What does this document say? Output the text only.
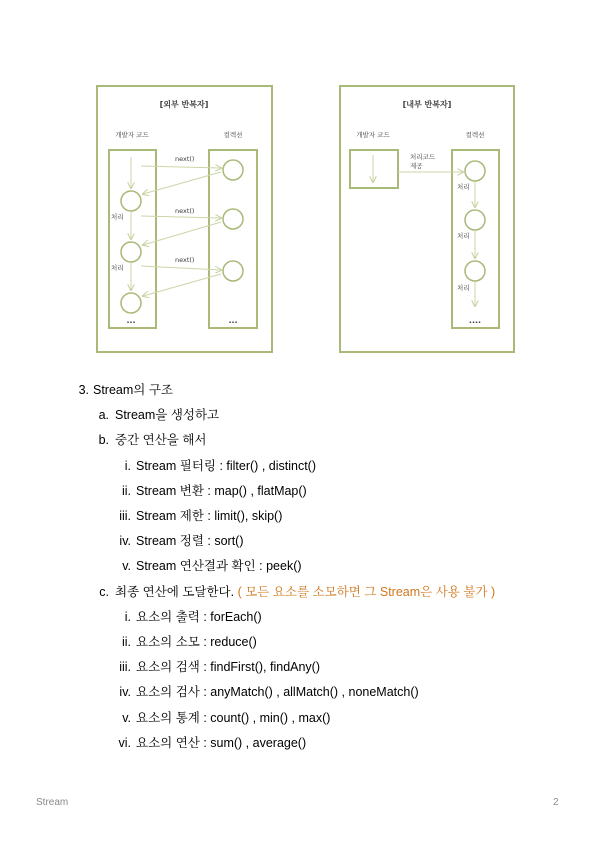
[외부 반복자]
개발자 코드	컬렉션
next()
next()
next()
처리
처리
...	...
[내부 반복자]
개발자 코드	컬렉션
처리코드
제공
처리
처리
처리
....
3. Stream의 구조
a. Stream을 생성하고
b. 중간 연산을 해서
i. Stream 필터링 : filter() , distinct()
ii. Stream 변환 : map() , flatMap()
iii. Stream 제한 : limit(), skip()
iv. Stream 정렬 : sort()
v. Stream 연산결과 확인 : peek()
c. 최종 연산에 도달한다. ( 모든 요소를 소모하면 그 Stream은 사용 불가 )
i. 요소의 출력 : forEach()
ii. 요소의 소모 : reduce()
iii. 요소의 검색 : findFirst(), findAny()
iv. 요소의 검사 : anyMatch() , allMatch() , noneMatch()
v. 요소의 통계 : count() , min() , max()
vi. 요소의 연산 : sum() , average()
Stream	2
